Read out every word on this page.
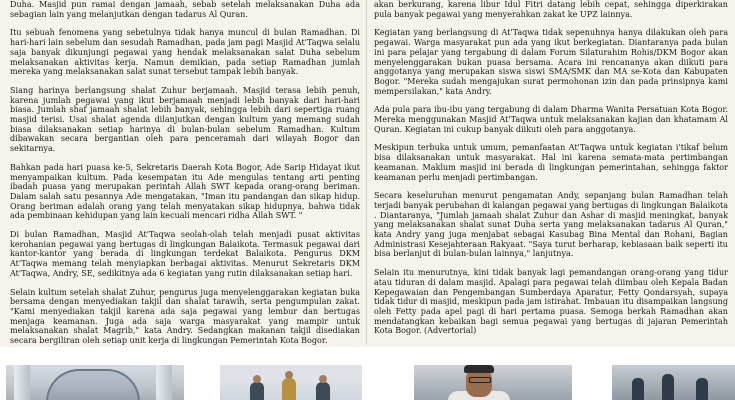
Duha. Masjid pun ramai dengan jamaah, sebab setelah melaksanakan Duha ada sebagian lain yang melanjutkan dengan tadarus Al Quran.

Itu sebuah fenomena yang sebetulnya tidak hanya muncul di bulan Ramadhan. Di hari-hari lain sebelum dan sesudah Ramadhan, pada jam pagi Masjid At'Taqwa selalu saja banyak dikunjungi pegawai yang hendak melaksanakan salat Duha sebelum melaksanakan aktivitas kerja. Namun demikian, pada setiap Ramadhan jumlah mereka yang melaksanakan salat sunat tersebut tampak lebih banyak.

Siang harinya berlangsung shalat Zuhur berjamaah. Masjid terasa lebih penuh, karena jumlah pegawai yang ikut berjamaah menjadi lebih banyak dari hari-hari biasa. Jumlah shaf jamaah shalat lebih banyak, sehingga lebih dari sepertiga ruang masjid terisi. Usai shalat agenda dilanjutkan dengan kultum yang memang sudah biasa dilaksanakan setiap harinya di bulan-bulan sebelum Ramadhan. Kultum dibawakan secara bergantian oleh para penceramah dari wilayah Bogor dan sekitarnya.

Bahkan pada hari puasa ke-5, Sekretaris Daerah Kota Bogor, Ade Sarip Hidayat ikut menyampaikan kultum. Pada kesempatan itu Ade mengulas tentang arti penting ibadah puasa yang merupakan perintah Allah SWT kepada orang-orang beriman. Dalam salah satu pesannya Ade mengatakan, "Iman itu pandangan dan sikap hidup. Orang beriman adalah orang yang telah menyatakan sikap hidupnya, bahwa tidak ada pembinaan kehidupan yang lain kecuali mencari ridha Allah SWT. "

Di bulan Ramadhan, Masjid At'Taqwa seolah-olah telah menjadi pusat aktivitas kerohanian pegawai yang bertugas di lingkungan Balaikota. Termasuk pegawai dari kantor-kantor yang berada di lingkungan terdekat Balaikota. Pengurus DKM At'Taqwa memang telah menyiapkan berbagai aktivitas. Menurut Sekretaris DKM At'Taqwa, Andry, SE, sedikitnya ada 6 kegiatan yang rutin dilaksanakan setiap hari.

Selain kultum setelah shalat Zuhur, pengurus juga menyelenggarakan kegiatan buka bersama dengan menyediakan takjil dan shalat tarawih, serta pengumpulan zakat. "Kami menyediakan takjil karena ada saja pegawai yang lembur dan bertugas menjaga keamanan. Juga ada saja warga masyarakat yang mampir untuk melaksanakan shalat Magrib," kata Andry. Sedangkan makanan takjil disediakan secara bergiliran oleh setiap unit kerja di lingkungan Pemerintah Kota Bogor.

akan berkurang, karena libur Idul Fitri datang lebih cepat, sehingga diperkirakan pula banyak pegawai yang menyerahkan zakat ke UPZ lainnya.

Kegiatan yang berlangsung di At'Taqwa tidak sepenuhnya hanya dilakukan oleh para pegawai. Warga masyarakat pun ada yang ikut berkegiatan. Diantaranya pada bulan ini para pelajar yang tergabung di dalam Forum Silaturahim Rohis/DKM Bogor akan menyelenggarakan bukan puasa bersama. Acara ini rencananya akan diikuti para anggotanya yang merupakan siswa siswi SMA/SMK dan MA se-Kota dan Kabupaten Bogor. "Mereka sudah mengajukan surat permohonan izin dan pada prinsipnya kami mempersilakan," kata Andry.

Ada pula para ibu-ibu yang tergabung di dalam Dharma Wanita Persatuan Kota Bogor. Mereka menggunakan Masjid At'Taqwa untuk melaksanakan kajian dan khatamam Al Quran. Kegiatan ini cukup banyak diikuti oleh para anggotanya.

Meskipun terbuka untuk umum, pemanfaatan At'Taqwa untuk kegiatan i'tikaf belum bisa dilaksanakan untuk masyarakat. Hal ini karena semata-mata pertimbangan keamanan. Maklum masjid ini berada di lingkungan pemerintahan, sehingga faktor keamanan perlu menjadi pertimbangan.

Secara keseluruhan menurut pengamatan Andy, sepanjang bulan Ramadhan telah terjadi banyak perubahan di kalangan pegawai yang bertugas di lingkungan Balaikota . Diantaranya, "Jumlah jamaah shalat Zuhur dan Ashar di masjid meningkat, banyak yang melaksanakan shalat sunat Duha serta yang melaksanakan tadarus Al Quran," kata Andry yang juga menjabat sebagai Kasubag Bina Mental dan Rohani, Bagian Administrasi Kesejahteraan Rakyaat. "Saya turut berharap, kebiasaan baik seperti itu bisa berlanjut di bulan-bulan lainnya," lanjutnya.

Selain itu menurutnya, kini tidak banyak lagi pemandangan orang-orang yang tidur atau tiduran di dalam masjid. Apalagi para pegawai telah diimbau oleh Kepala Badan Kepegawaian dan Pengembangan Sumberdaya Aparatur, Fetty Qondarsyah, supaya tidak tidur di masjid, meskipun pada jam istirahat. Imbauan itu disampaikan langsung oleh Fetty pada apel pagi di hari pertama puasa. Semoga berkah Ramadhan akan mendatangkan kebaikan bagi semua pegawai yang bertugas di jajaran Pemerintah Kota Bogor. (Advertorial)
